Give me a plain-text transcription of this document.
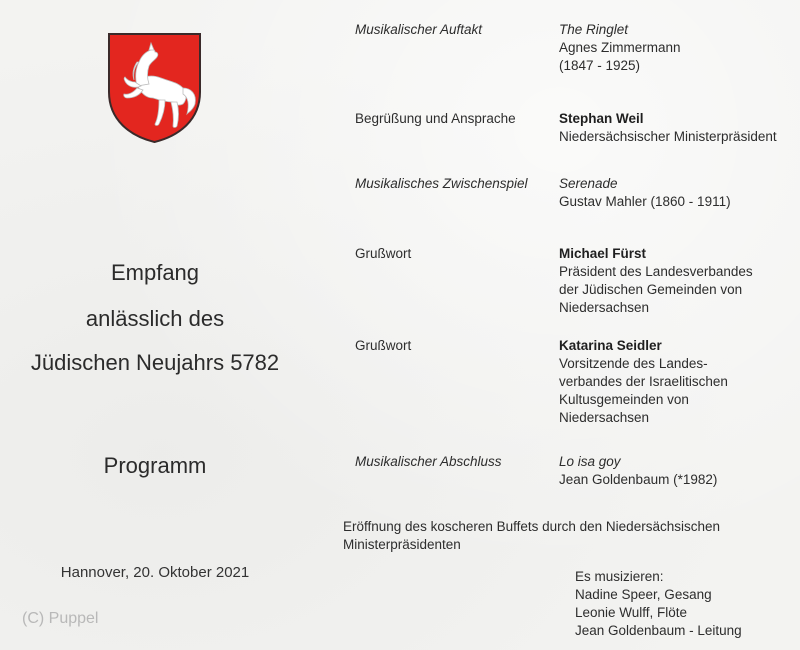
Empfang
anlässlich des
Jüdischen Neujahrs 5782
Programm
Hannover, 20. Oktober 2021
(C) Puppel
Musikalischer Auftakt	The Ringlet
Agnes Zimmermann
(1847 - 1925)
Begrüßung und Ansprache	Stephan Weil
Niedersächsischer Ministerpräsident
Musikalisches Zwischenspiel	Serenade
Gustav Mahler (1860 - 1911)
Grußwort	Michael Fürst
Präsident des Landesverbandes
der Jüdischen Gemeinden von
Niedersachsen
Grußwort	Katarina Seidler
Vorsitzende des Landes-
verbandes der Israelitischen
Kultusgemeinden von
Niedersachsen
Musikalischer Abschluss	Lo isa goy
Jean Goldenbaum (*1982)
Eröffnung des koscheren Buffets durch den Niedersächsischen
Ministerpräsidenten
Es musizieren:
Nadine Speer, Gesang
Leonie Wulff, Flöte
Jean Goldenbaum - Leitung
